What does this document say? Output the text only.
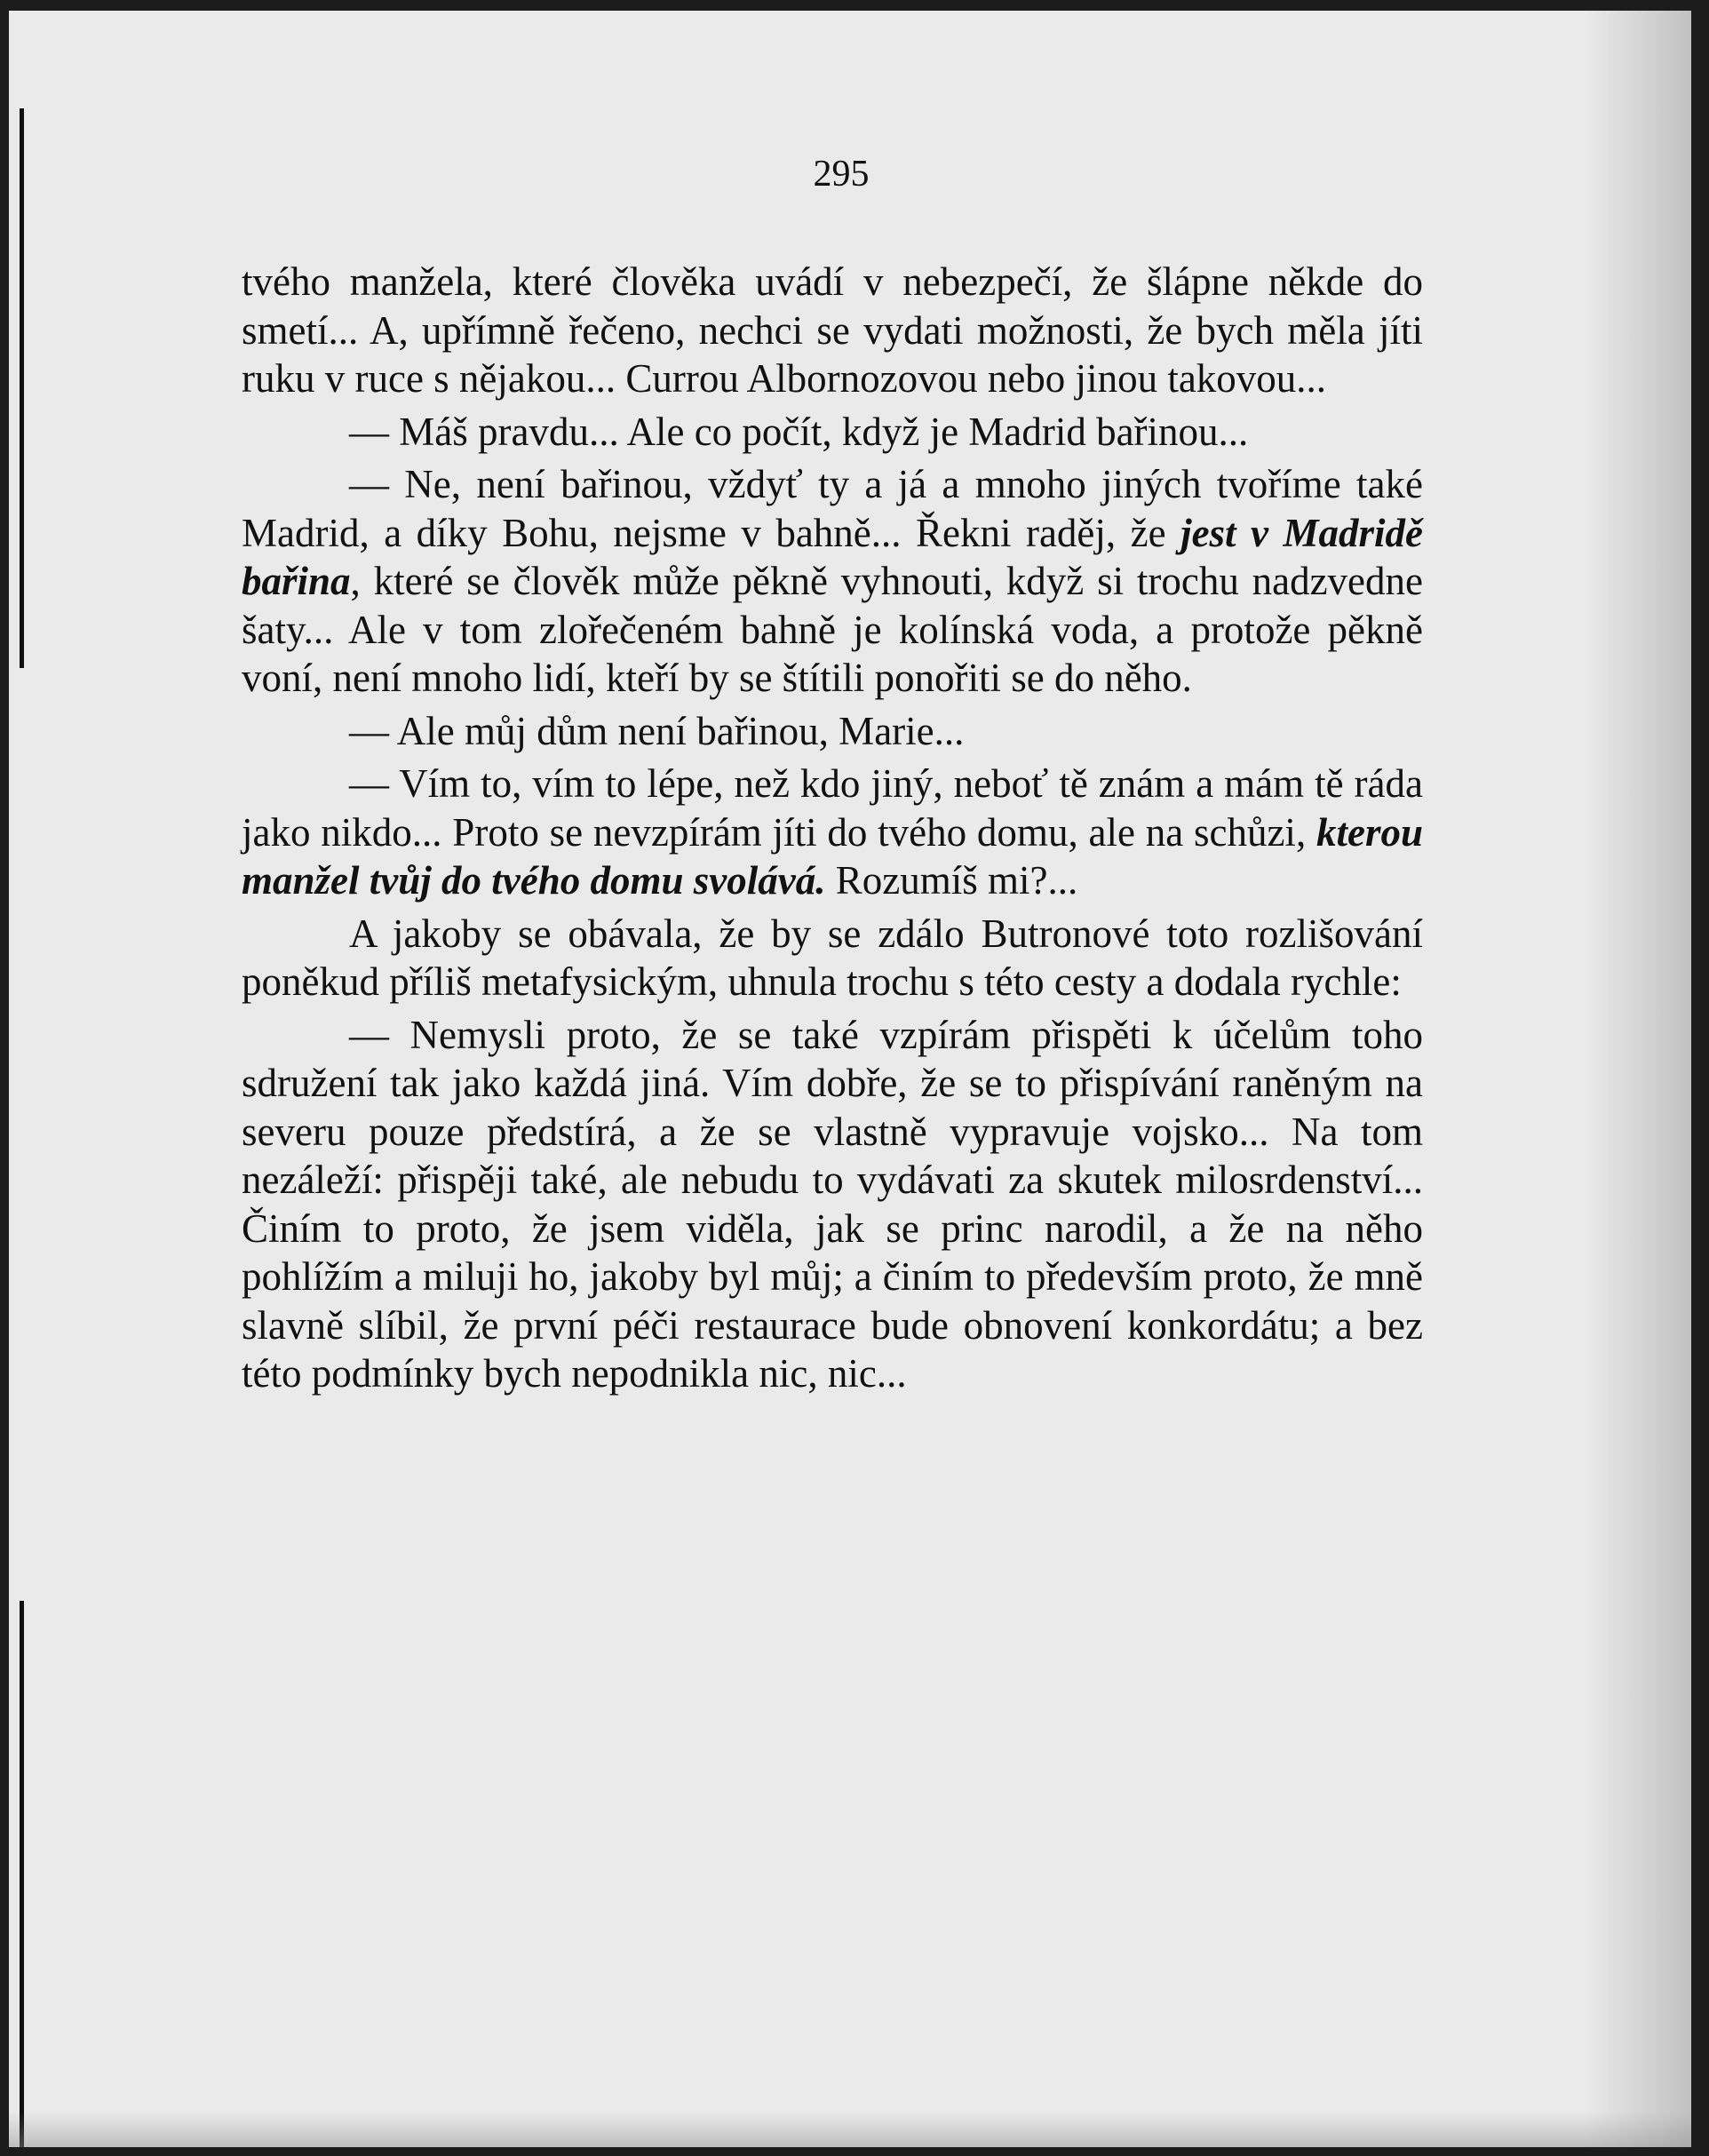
295

tvého manžela, které člověka uvádí v nebezpečí, že šlápne někde do smetí... A, upřímně řečeno, nechci se vydati možnosti, že bych měla jíti ruku v ruce s nějakou... Currou Albornozovou nebo jinou takovou...

— Máš pravdu... Ale co počít, když je Madrid bařinou...

— Ne, není bařinou, vždyť ty a já a mnoho jiných tvoříme také Madrid, a díky Bohu, nejsme v bahně... Řekni raděj, že jest v Madridě bařina, které se člověk může pěkně vyhnouti, když si trochu nadzvedne šaty... Ale v tom zlořečeném bahně je kolínská voda, a protože pěkně voní, není mnoho lidí, kteří by se štítili ponořiti se do něho.

— Ale můj dům není bařinou, Marie...

— Vím to, vím to lépe, než kdo jiný, neboť tě znám a mám tě ráda jako nikdo... Proto se nevzpírám jíti do tvého domu, ale na schůzi, kterou manžel tvůj do tvého domu svolává. Rozumíš mi?...

A jakoby se obávala, že by se zdálo Butronové toto rozlišování poněkud příliš metafysickým, uhnula trochu s této cesty a dodala rychle:

— Nemysli proto, že se také vzpírám přispěti k účelům toho sdružení tak jako každá jiná. Vím dobře, že se to přispívání raněným na severu pouze předstírá, a že se vlastně vypravuje vojsko... Na tom nezáleží: přispěji také, ale nebudu to vydávati za skutek milosrdenství... Činím to proto, že jsem viděla, jak se princ narodil, a že na něho pohlížím a miluji ho, jakoby byl můj; a činím to především proto, že mně slavně slíbil, že první péči restaurace bude obnovení konkordátu; a bez této podmínky bych nepodnikla nic, nic...
